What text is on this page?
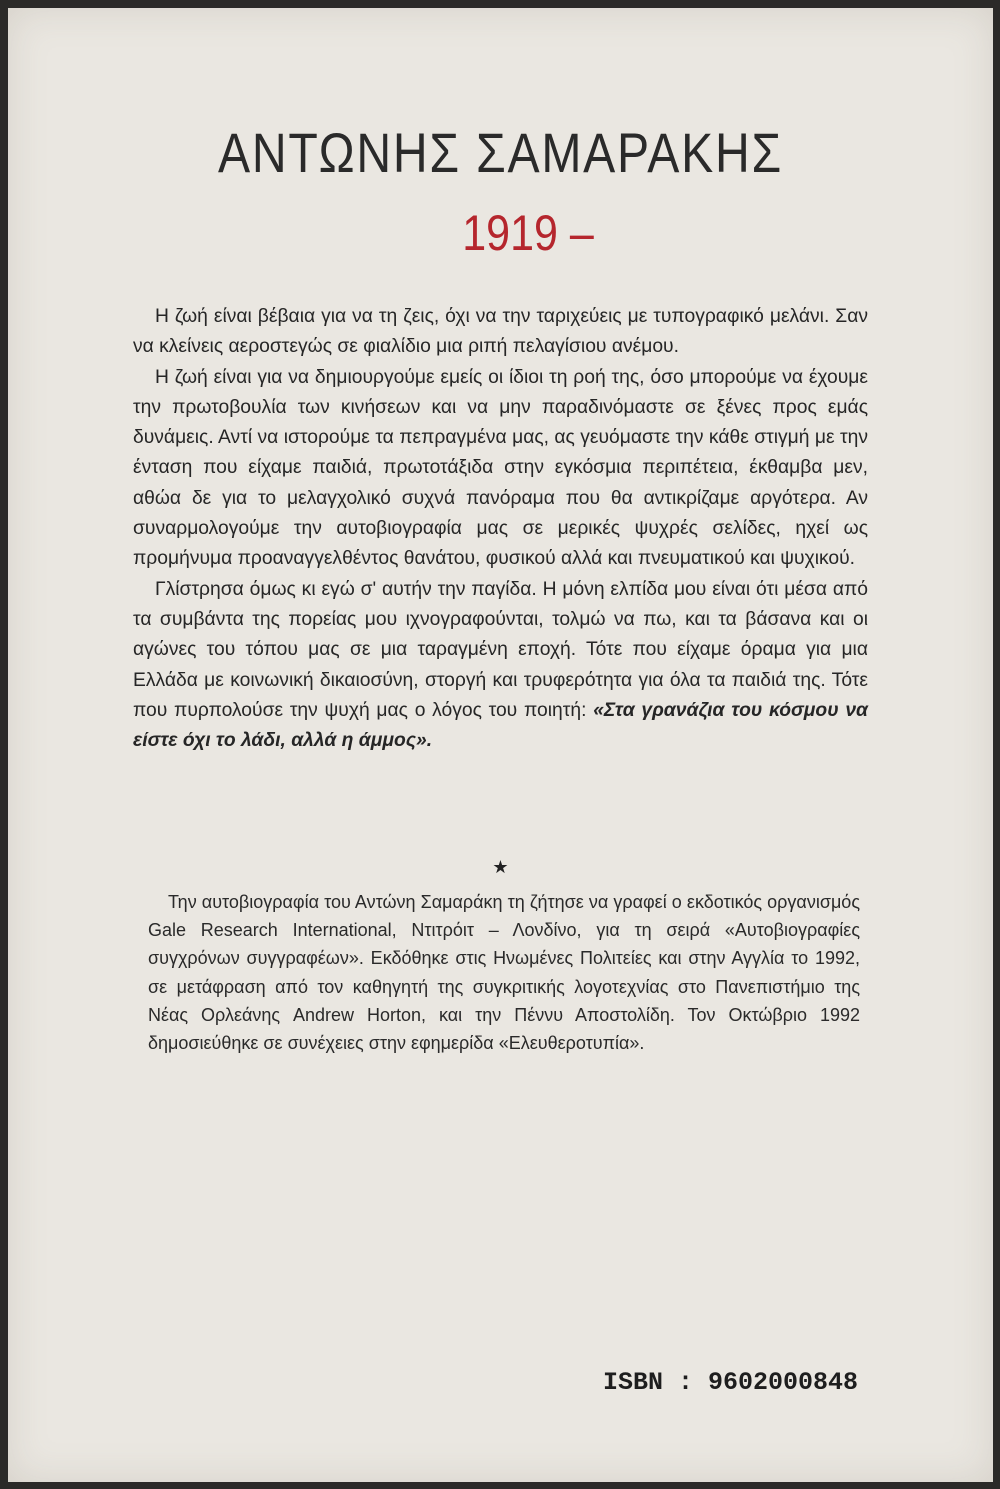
ΑΝΤΩΝΗΣ ΣΑΜΑΡΑΚΗΣ
1919 –

Η ζωή είναι βέβαια για να τη ζεις, όχι να την ταριχεύεις με τυπογραφικό μελάνι. Σαν να κλείνεις αεροστεγώς σε φιαλίδιο μια ριπή πελαγίσιου ανέμου.

Η ζωή είναι για να δημιουργούμε εμείς οι ίδιοι τη ροή της, όσο μπορούμε να έχουμε την πρωτοβουλία των κινήσεων και να μην παραδινόμαστε σε ξένες προς εμάς δυνάμεις. Αντί να ιστορούμε τα πεπραγμένα μας, ας γευόμαστε την κάθε στιγμή με την ένταση που είχαμε παιδιά, πρωτοτάξιδα στην εγκόσμια περιπέτεια, έκθαμβα μεν, αθώα δε για το μελαγχολικό συχνά πανόραμα που θα αντικρίζαμε αργότερα. Αν συναρμολογούμε την αυτοβιογραφία μας σε μερικές ψυχρές σελίδες, ηχεί ως προμήνυμα προαναγγελθέντος θανάτου, φυσικού αλλά και πνευματικού και ψυχικού.

Γλίστρησα όμως κι εγώ σ' αυτήν την παγίδα. Η μόνη ελπίδα μου είναι ότι μέσα από τα συμβάντα της πορείας μου ιχνογραφούνται, τολμώ να πω, και τα βάσανα και οι αγώνες του τόπου μας σε μια ταραγμένη εποχή. Τότε που είχαμε όραμα για μια Ελλάδα με κοινωνική δικαιοσύνη, στοργή και τρυφερότητα για όλα τα παιδιά της. Τότε που πυρπολούσε την ψυχή μας ο λόγος του ποιητή: «Στα γρανάζια του κόσμου να είστε όχι το λάδι, αλλά η άμμος».

★

Την αυτοβιογραφία του Αντώνη Σαμαράκη τη ζήτησε να γραφεί ο εκδοτικός οργανισμός Gale Research International, Ντιτρόιτ – Λονδίνο, για τη σειρά «Αυτοβιογραφίες συγχρόνων συγγραφέων». Εκδόθηκε στις Ηνωμένες Πολιτείες και στην Αγγλία το 1992, σε μετάφραση από τον καθηγητή της συγκριτικής λογοτεχνίας στο Πανεπιστήμιο της Νέας Ορλεάνης Andrew Horton, και την Πέννυ Αποστολίδη. Τον Οκτώβριο 1992 δημοσιεύθηκε σε συνέχειες στην εφημερίδα «Ελευθεροτυπία».

ISBN : 9602000848
